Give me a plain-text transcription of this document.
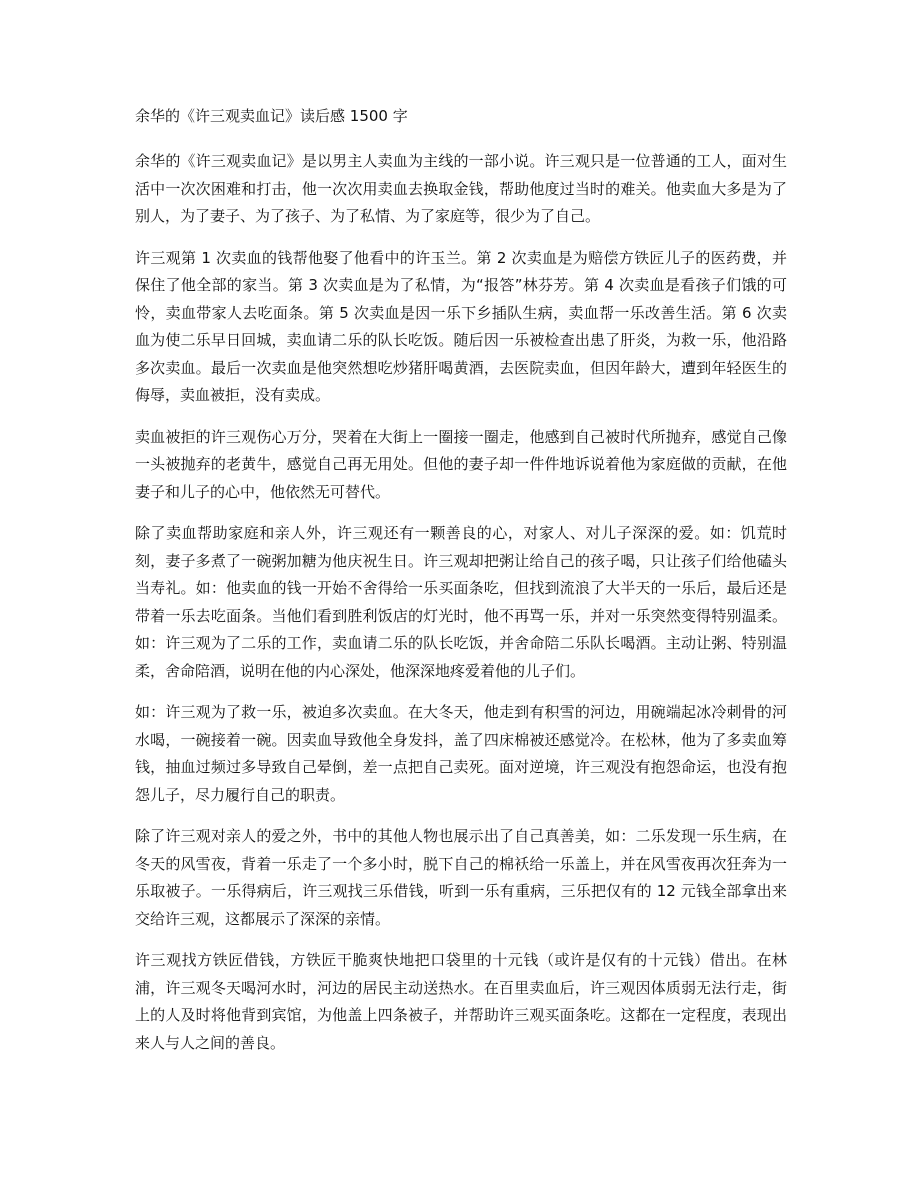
余华的《许三观卖血记》读后感 1500 字

余华的《许三观卖血记》是以男主人卖血为主线的一部小说。许三观只是一位普通的工人，面对生活中一次次困难和打击，他一次次用卖血去换取金钱，帮助他度过当时的难关。他卖血大多是为了别人，为了妻子、为了孩子、为了私情、为了家庭等，很少为了自己。

许三观第 1 次卖血的钱帮他娶了他看中的许玉兰。第 2 次卖血是为赔偿方铁匠儿子的医药费，并保住了他全部的家当。第 3 次卖血是为了私情，为“报答”林芬芳。第 4 次卖血是看孩子们饿的可怜，卖血带家人去吃面条。第 5 次卖血是因一乐下乡插队生病，卖血帮一乐改善生活。第 6 次卖血为使二乐早日回城，卖血请二乐的队长吃饭。随后因一乐被检查出患了肝炎，为救一乐，他沿路多次卖血。最后一次卖血是他突然想吃炒猪肝喝黄酒，去医院卖血，但因年龄大，遭到年轻医生的侮辱，卖血被拒，没有卖成。

卖血被拒的许三观伤心万分，哭着在大街上一圈接一圈走，他感到自己被时代所抛弃，感觉自己像一头被抛弃的老黄牛，感觉自己再无用处。但他的妻子却一件件地诉说着他为家庭做的贡献，在他妻子和儿子的心中，他依然无可替代。

除了卖血帮助家庭和亲人外，许三观还有一颗善良的心，对家人、对儿子深深的爱。如：饥荒时刻，妻子多煮了一碗粥加糖为他庆祝生日。许三观却把粥让给自己的孩子喝，只让孩子们给他磕头当寿礼。如：他卖血的钱一开始不舍得给一乐买面条吃，但找到流浪了大半天的一乐后，最后还是带着一乐去吃面条。当他们看到胜利饭店的灯光时，他不再骂一乐，并对一乐突然变得特别温柔。如：许三观为了二乐的工作，卖血请二乐的队长吃饭，并舍命陪二乐队长喝酒。主动让粥、特别温柔，舍命陪酒，说明在他的内心深处，他深深地疼爱着他的儿子们。

如：许三观为了救一乐，被迫多次卖血。在大冬天，他走到有积雪的河边，用碗端起冰冷刺骨的河水喝，一碗接着一碗。因卖血导致他全身发抖，盖了四床棉被还感觉冷。在松林，他为了多卖血筹钱，抽血过频过多导致自己晕倒，差一点把自己卖死。面对逆境，许三观没有抱怨命运，也没有抱怨儿子，尽力履行自己的职责。

除了许三观对亲人的爱之外，书中的其他人物也展示出了自己真善美，如：二乐发现一乐生病，在冬天的风雪夜，背着一乐走了一个多小时，脱下自己的棉袄给一乐盖上，并在风雪夜再次狂奔为一乐取被子。一乐得病后，许三观找三乐借钱，听到一乐有重病，三乐把仅有的 12 元钱全部拿出来交给许三观，这都展示了深深的亲情。

许三观找方铁匠借钱，方铁匠干脆爽快地把口袋里的十元钱（或许是仅有的十元钱）借出。在林浦，许三观冬天喝河水时，河边的居民主动送热水。在百里卖血后，许三观因体质弱无法行走，街上的人及时将他背到宾馆，为他盖上四条被子，并帮助许三观买面条吃。这都在一定程度，表现出来人与人之间的善良。
